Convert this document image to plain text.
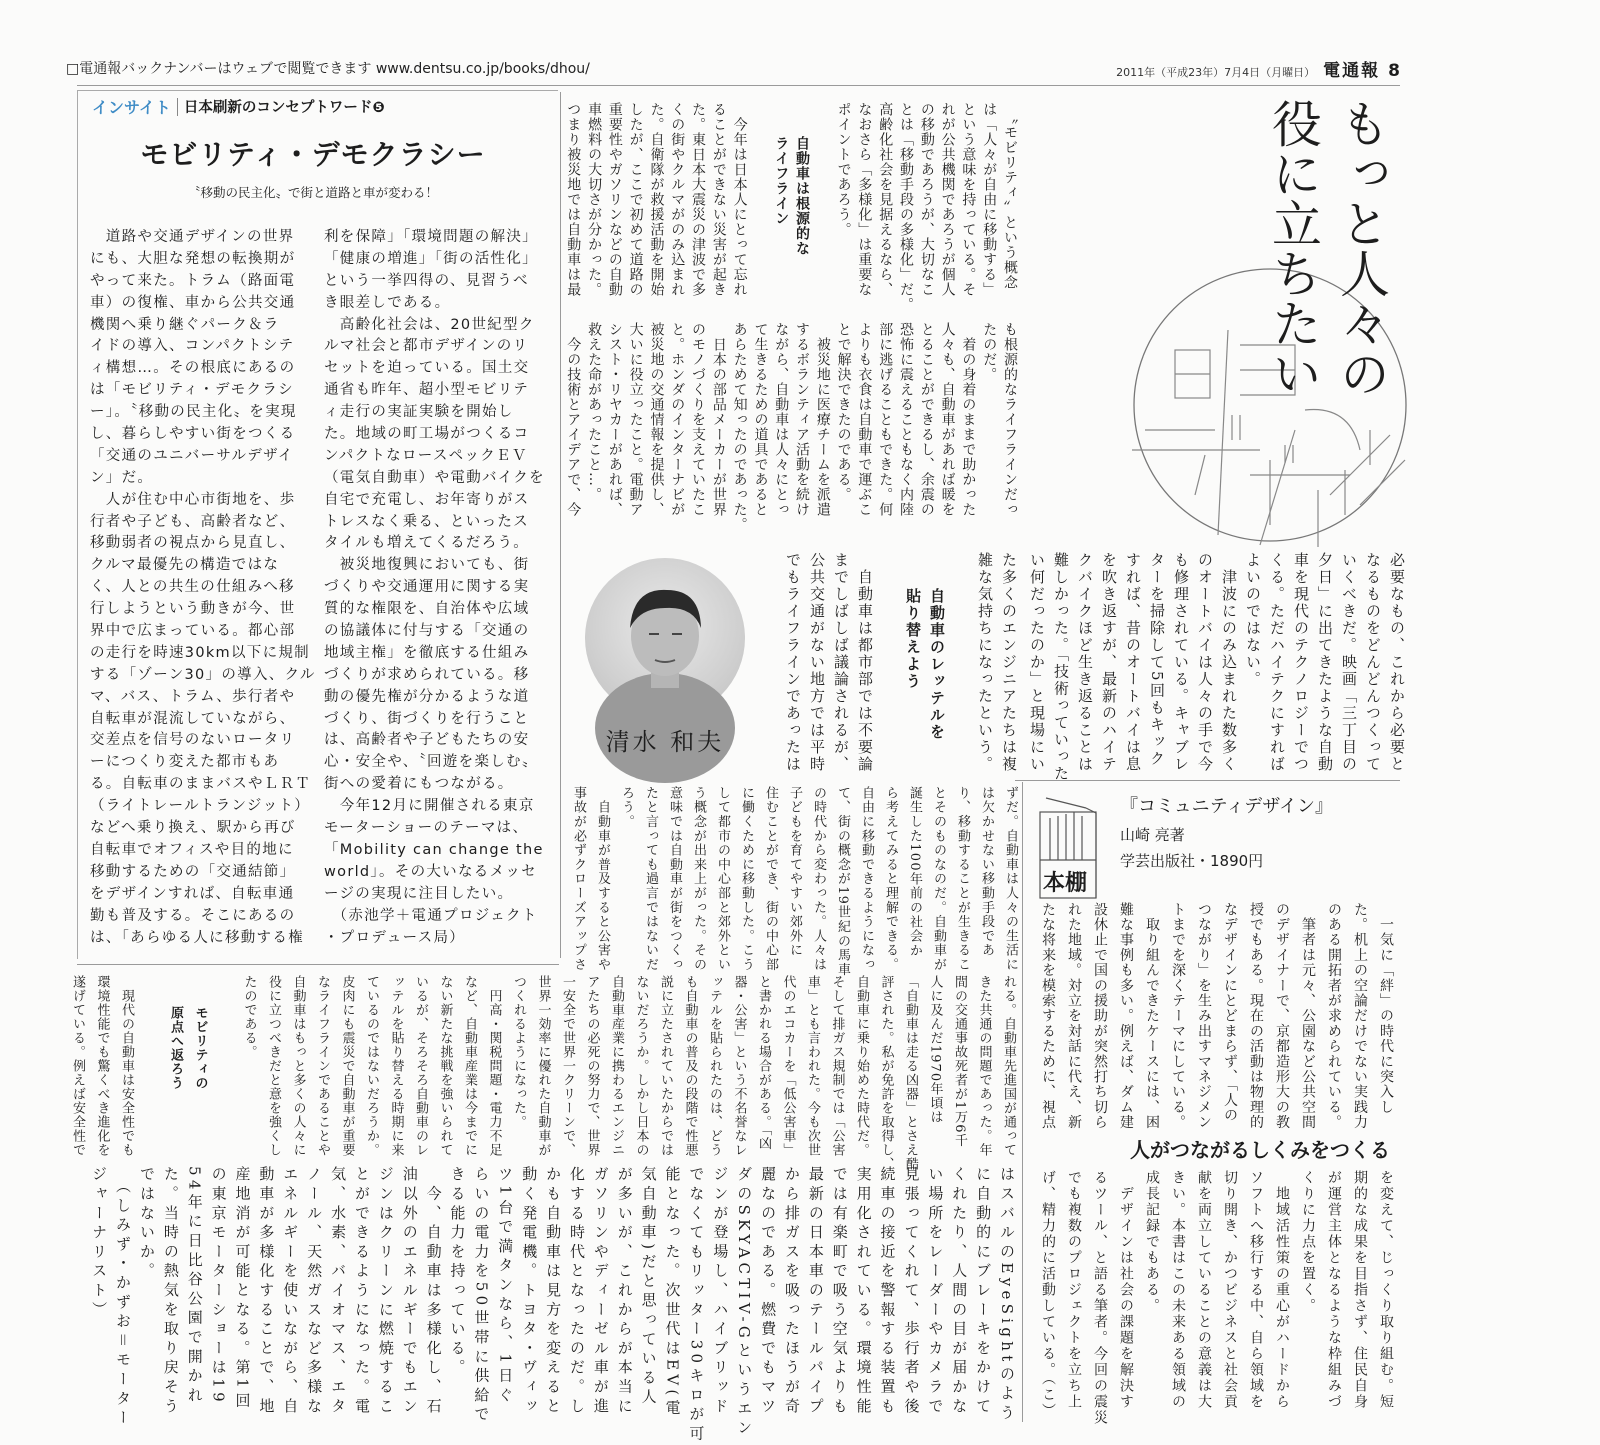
□電通報バックナンバーはウェブで閲覧できます www.dentsu.co.jp/books/dhou/	2011年（平成23年）7月4日（月曜日） 電通報 8
インサイト 日本刷新のコンセプトワード❺
モビリティ・デモクラシー
〝移動の民主化〟で街と道路と車が変わる！
　道路や交通デザインの世界
にも、大胆な発想の転換期が
やって来た。トラム（路面電
車）の復権、車から公共交通
機関へ乗り継ぐパーク＆ラ
イドの導入、コンパクトシテ
ィ構想…。その根底にあるの
は「モビリティ・デモクラシ
ー」。〝移動の民主化〟を実現
し、暮らしやすい街をつくる
「交通のユニバーサルデザイ
ン」だ。
　人が住む中心市街地を、歩
行者や子ども、高齢者など、
移動弱者の視点から見直し、
クルマ最優先の構造ではな
く、人との共生の仕組みへ移
行しようという動きが今、世
界中で広まっている。都心部
の走行を時速30km以下に規制
する「ゾーン30」の導入、クル
マ、バス、トラム、歩行者や
自転車が混流していながら、
交差点を信号のないロータリ
ーにつくり変えた都市もあ
る。自転車のままバスやＬＲＴ
（ライトレールトランジット）
などへ乗り換え、駅から再び
自転車でオフィスや目的地に
移動するための「交通結節」
をデザインすれば、自転車通
勤も普及する。そこにあるの
は、「あらゆる人に移動する権
利を保障」「環境問題の解決」
「健康の増進」「街の活性化」
という一挙四得の、見習うべ
き眼差しである。
　高齢化社会は、20世紀型ク
ルマ社会と都市デザインのリ
セットを迫っている。国土交
通省も昨年、超小型モビリテ
ィ走行の実証実験を開始し
た。地域の町工場がつくるコ
ンパクトなロースペックＥＶ
（電気自動車）や電動バイクを
自宅で充電し、お年寄りがス
トレスなく乗る、といったス
タイルも増えてくるだろう。
　被災地復興においても、街
づくりや交通運用に関する実
質的な権限を、自治体や広域
の協議体に付与する「交通の
地域主権」を徹底する仕組み
づくりが求められている。移
動の優先権が分かるような道
づくり、街づくりを行うこと
は、高齢者や子どもたちの安
心・安全や、〝回遊を楽しむ〟
街への愛着にもつながる。
　今年12月に開催される東京
モーターショーのテーマは、
「Mobility can change the
world」。その大いなるメッセ
ージの実現に注目したい。
　（赤池学＋電通プロジェクト
・プロデュース局）
もっと人々の
役に立ちたい
　〝モビリティ〟という概念
は「人々が自由に移動する」
という意味を持っている。そ
れが公共機関であろうが個人
の移動であろうが、大切なこ
とは「移動手段の多様化」だ。
高齢化社会を見据えるなら、
なおさら「多様化」は重要な
ポイントであろう。
自動車は根源的な
ライフライン
　今年は日本人にとって忘れ
ることができない災害が起き
た。東日本大震災の津波で多
くの街やクルマがのみ込まれ
た。自衛隊が救援活動を開始
したが、ここで初めて道路の
重要性やガソリンなどの自動
車燃料の大切さが分かった。
つまり被災地では自動車は最
も根源的なライフラインだっ
たのだ。
　着の身着のままで助かった
人々も、自動車があれば暖を
とることができるし、余震の
恐怖に震えることもなく内陸
部に逃げることもできた。何
よりも衣食は自動車で運ぶこ
とで解決できたのである。
　被災地に医療チームを派遣
するボランティア活動を続け
ながら、自動車は人々にとっ
て生きるための道具であると
あらためて知ったのであった。
　日本の部品メーカーが世界
のモノづくりを支えていたこ
と。ホンダのインターナビが
被災地の交通情報を提供し、
大いに役立ったこと。電動ア
シスト・リヤカーがあれば、
救えた命があったこと…。
　今の技術とアイデアで、今
必要なもの、これから必要と
なるものをどんどんつくって
いくべきだ。映画「三丁目の
夕日」に出てきたような自動
車を現代のテクノロジーでつ
くる。ただハイテクにすれば
よいのではない。
　津波にのみ込まれた数多く
のオートバイは人々の手で今
も修理されている。キャブレ
ターを掃除して5回もキック
すれば、昔のオートバイは息
を吹き返すが、最新のハイテ
クバイクほど生き返ることは
難しかった。「技術っていった
い何だったのか」と現場にい
た多くのエンジニアたちは複
雑な気持ちになったという。
自動車のレッテルを
貼り替えよう
　自動車は都市部では不要論
までしばしば議論されるが、
公共交通がない地方では平時
でもライフラインであったは
清水 和夫
ずだ。自動車は人々の生活に
は欠かせない移動手段であ
り、移動することが生きるこ
とそのものなのだ。自動車が
誕生した100年前の社会か
ら考えてみると理解できる。
自由に移動できるようになっ
て、街の概念が19世紀の馬車
の時代から変わった。人々は
子どもを育てやすい郊外に
住むことができ、街の中心部
に働くために移動した。こう
して都市の中心部と郊外とい
う概念が出来上がった。その
意味では自動車が街をつくっ
たと言っても過言ではないだ
ろう。
　自動車が普及すると公害や
事故が必ずクローズアップさ	本棚
『コミュニティデザイン』
山崎 亮著
学芸出版社・1890円
　一気に「絆」の時代に突入し
た。机上の空論だけでない実践力
のある開拓者が求められている。
　筆者は元々、公園など公共空間
のデザイナーで、京都造形大の教
授でもある。現在の活動は物理的
なデザインにとどまらず、「人の
つながり」を生み出すマネジメン
トまでを深くテーマにしている。
　取り組んできたケースには、困
難な事例も多い。例えば、ダム建
設休止で国の援助が突然打ち切ら
れた地域。対立を対話に代え、新
たな将来を模索するために、視点
人がつながるしくみをつくる
を変えて、じっくり取り組む。短
期的な成果を目指さず、住民自身
が運営主体となるような枠組みづ
くりに力点を置く。
　地域活性策の重心がハードから
ソフトへ移行する中、自ら領域を
切り開き、かつビジネスと社会貢
献を両立していることの意義は大
きい。本書はこの未来ある領域の
成長記録でもある。
　デザインは社会の課題を解決す
るツール、と語る筆者。今回の震災
でも複数のプロジェクトを立ち上
げ、精力的に活動している。（こ）
れる。自動車先進国が通って
きた共通の問題であった。年
間の交通事故死者が1万6千
人に及んだ1970年頃は
「自動車は走る凶器」とさえ酷
評された。私が免許を取得し、
自動車に乗り始めた時代だ。
そして排ガス規制では「公害
車」とも言われた。今も次世
代のエコカーを「低公害車」
と書かれる場合がある。「凶
器・公害」という不名誉なレ
ッテルを貼られたのは、どう
も自動車の普及の段階で性悪
説に立たされていたからでは
ないだろうか。しかし日本の
自動車産業に携わるエンジニ
アたちの必死の努力で、世界
一安全で世界一クリーンで、
世界一効率に優れた自動車が
つくれるようになった。
　円高・関税問題・電力不足
など、自動車産業は今までに
ない新たな挑戦を強いられて
いるが、そろそろ自動車のレ
ッテルを貼り替える時期に来
ているのではないだろうか。
皮肉にも震災で自動車が重要
なライフラインであることや
自動車はもっと多くの人々に
役に立つべきだと意を強くし
たのである。
モビリティの
原点へ返ろう
　現代の自動車は安全性でも
環境性能でも驚くべき進化を
遂げている。例えば安全性で
はスバルのEyeSightのよう
に自動的にブレーキをかけて
くれたり、人間の目が届かな
い場所をレーダーやカメラで
見張ってくれて、歩行者や後
続車の接近を警報する装置も
実用化されている。環境性能
では有楽町で吸う空気よりも
最新の日本車のテールパイプ
から排ガスを吸ったほうが奇
麗なのである。燃費でもマツ
ダのSKYACTIV-Gというエン
ジンが登場し、ハイブリッド
でなくてもリッター30キロが可
能となった。次世代はEV(電
気自動車)だと思っている人
が多いが、これからが本当に
ガソリンやディーゼル車が進
化する時代となったのだ。し
かも自動車は見方を変えると
動く発電機。トヨタ・ヴィッ
ツ1台で満タンなら、1日ぐ
らいの電力を50世帯に供給で
きる能力を持っている。
　今、自動車は多様化し、石
油以外のエネルギーでもエン
ジンはクリーンに燃焼するこ
とができるようになった。電
気、水素、バイオマス、エタ
ノール、天然ガスなど多様な
エネルギーを使いながら、自
動車が多様化することで、地
産地消が可能となる。第1回
の東京モーターショーは19
54年に日比谷公園で開かれ
た。当時の熱気を取り戻そう
ではないか。
　（しみず・かずお＝モーター
ジャーナリスト）
